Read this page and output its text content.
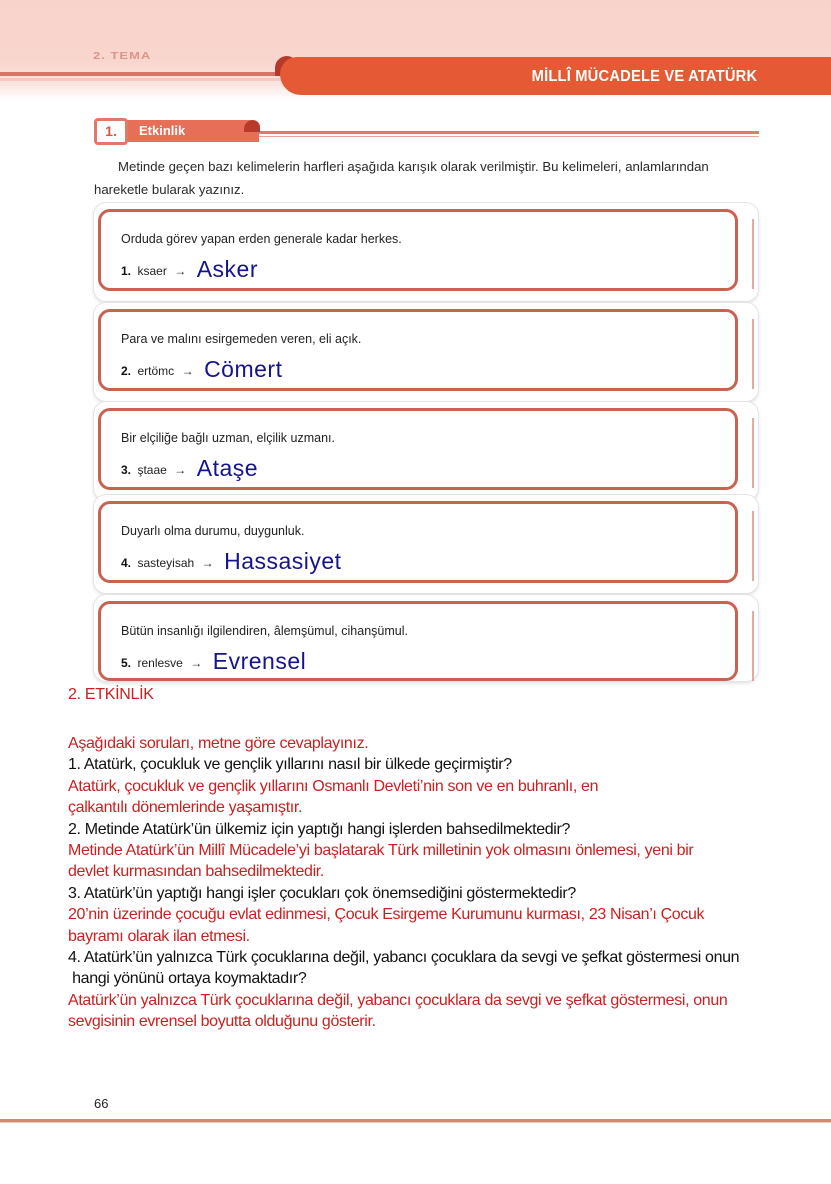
2. TEMA
MİLLÎ MÜCADELE VE ATATÜRK
1.	Etkinlik

Metinde geçen bazı kelimelerin harfleri aşağıda karışık olarak verilmiştir. Bu kelimeleri, anlamlarından hareketle bularak yazınız.

Orduda görev yapan erden generale kadar herkes.
1. ksaer → Asker
Para ve malını esirgemeden veren, eli açık.
2. ertömc → Cömert
Bir elçiliğe bağlı uzman, elçilik uzmanı.
3. ştaae → Ataşe
Duyarlı olma durumu, duygunluk.
4. sasteyisah → Hassasiyet
Bütün insanlığı ilgilendiren, âlemşümul, cihanşümul.
5. renlesve → Evrensel
2. ETKİNLİK
Aşağıdaki soruları, metne göre cevaplayınız.
1. Atatürk, çocukluk ve gençlik yıllarını nasıl bir ülkede geçirmiştir?
Atatürk, çocukluk ve gençlik yıllarını Osmanlı Devleti’nin son ve en buhranlı, en
çalkantılı dönemlerinde yaşamıştır.
2. Metinde Atatürk’ün ülkemiz için yaptığı hangi işlerden bahsedilmektedir?
Metinde Atatürk’ün Millî Mücadele’yi başlatarak Türk milletinin yok olmasını önlemesi, yeni bir
devlet kurmasından bahsedilmektedir.
3. Atatürk’ün yaptığı hangi işler çocukları çok önemsediğini göstermektedir?
20’nin üzerinde çocuğu evlat edinmesi, Çocuk Esirgeme Kurumunu kurması, 23 Nisan’ı Çocuk
bayramı olarak ilan etmesi.
4. Atatürk’ün yalnızca Türk çocuklarına değil, yabancı çocuklara da sevgi ve şefkat göstermesi onun
hangi yönünü ortaya koymaktadır?
Atatürk’ün yalnızca Türk çocuklarına değil, yabancı çocuklara da sevgi ve şefkat göstermesi, onun
sevgisinin evrensel boyutta olduğunu gösterir.
66
